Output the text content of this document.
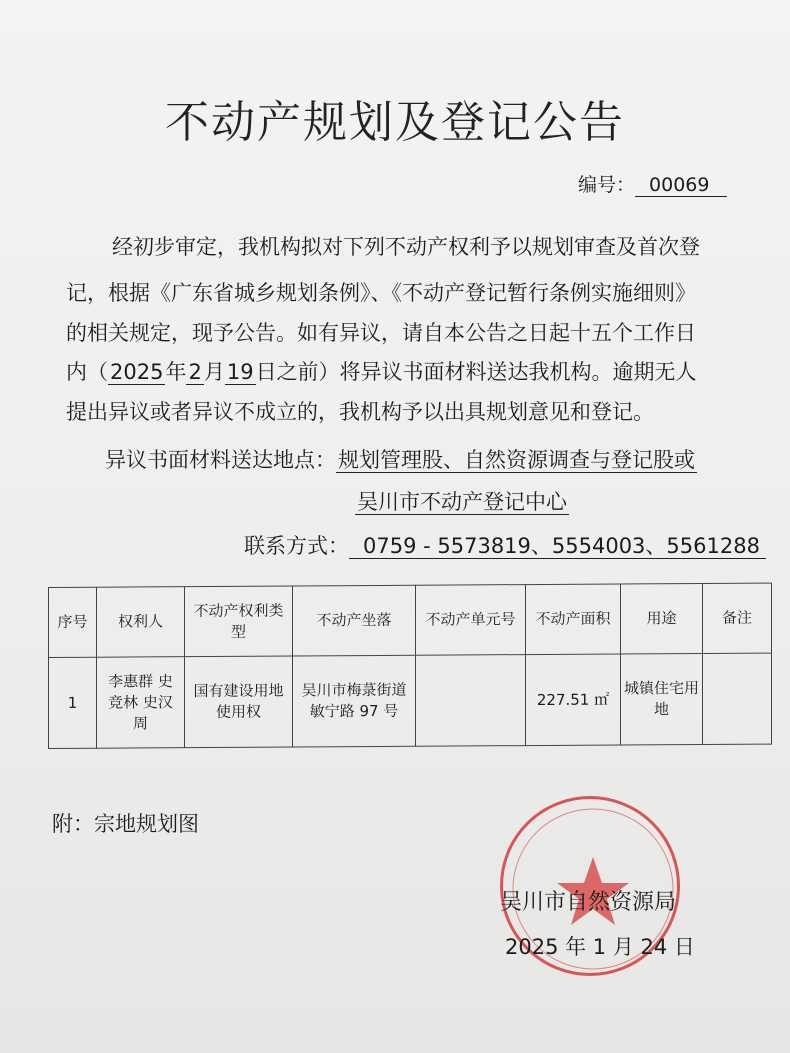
不动产规划及登记公告
编号： 00069
经初步审定，我机构拟对下列不动产权利予以规划审查及首次登
记，根据《广东省城乡规划条例》、《不动产登记暂行条例实施细则》
的相关规定，现予公告。如有异议，请自本公告之日起十五个工作日
内（2025年2月19日之前）将异议书面材料送达我机构。逾期无人
提出异议或者异议不成立的，我机构予以出具规划意见和登记。
异议书面材料送达地点：规划管理股、自然资源调查与登记股或
吴川市不动产登记中心
联系方式： 0759 - 5573819、5554003、5561288
序号	权利人	不动产权利类型	不动产坐落	不动产单元号	不动产面积	用途	备注
1	李惠群 史竞林 史汉周	国有建设用地使用权	吴川市梅菉街道敏宁路 97 号		227.51 ㎡	城镇住宅用地	
附：宗地规划图
吴川市自然资源局
2025 年 1 月 24 日
